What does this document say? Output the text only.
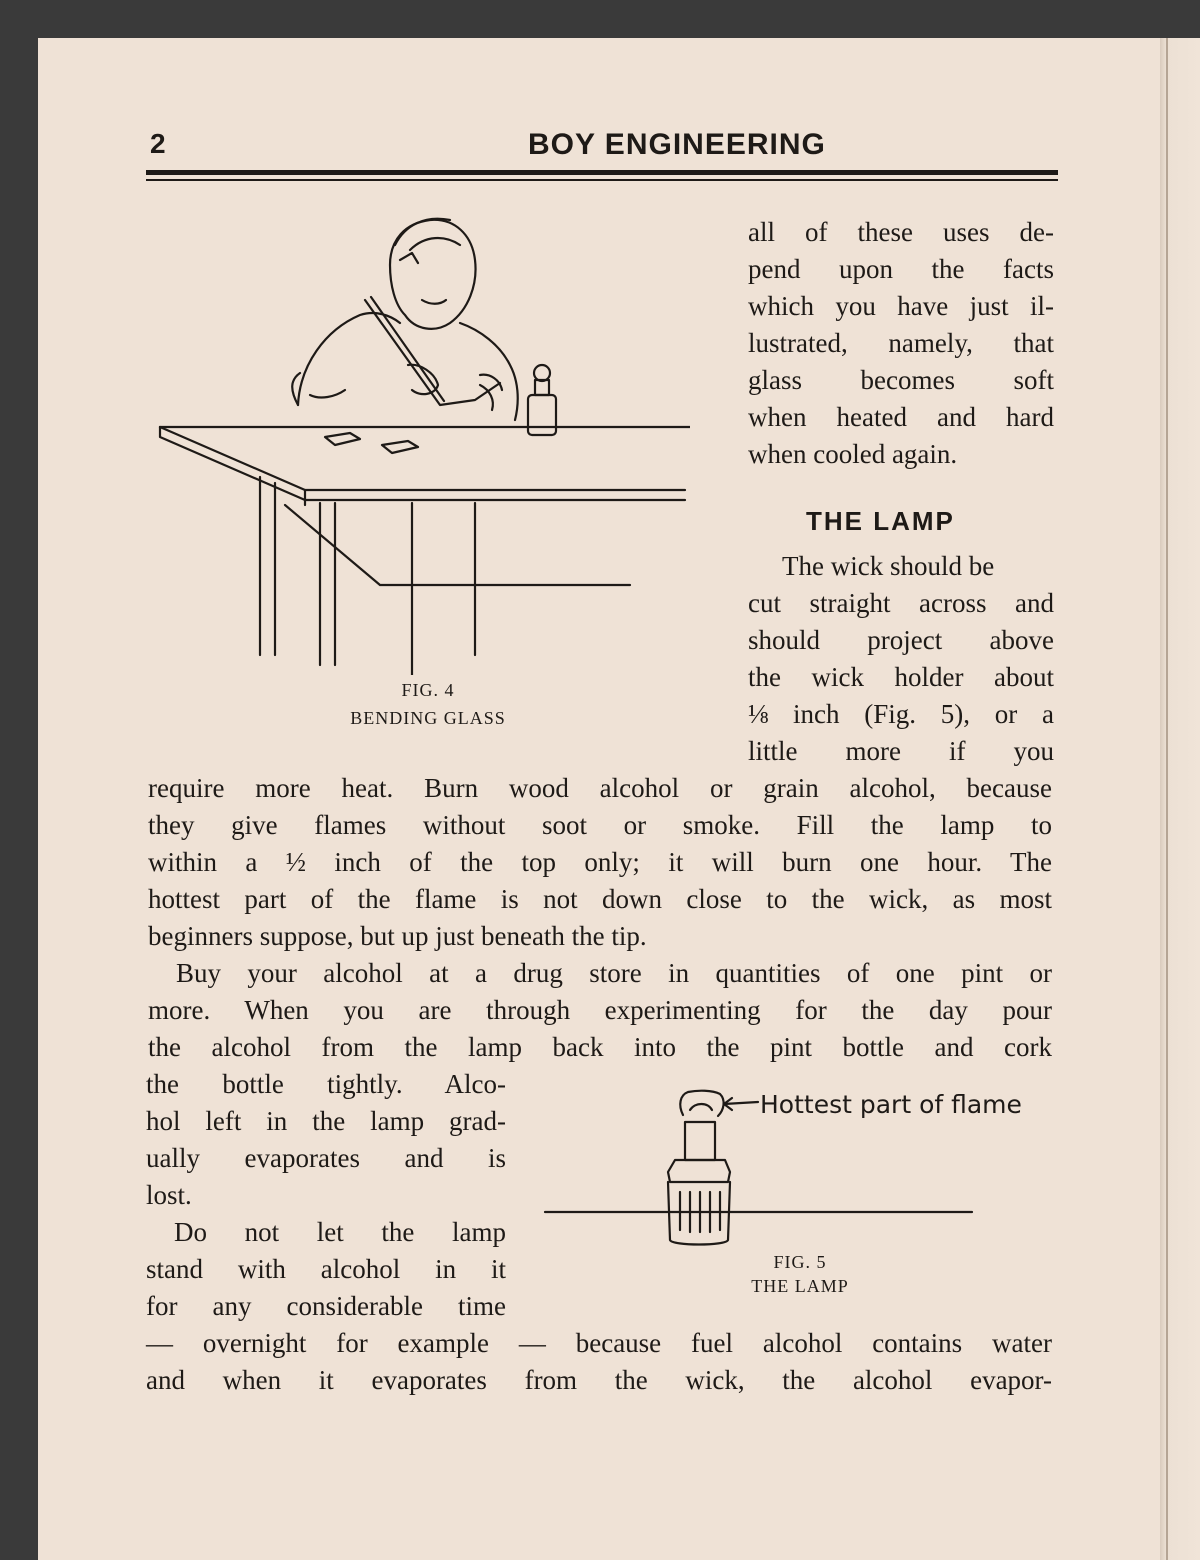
2	BOY ENGINEERING
FIG. 4
BENDING GLASS
all of these uses de-
pend upon the facts
which you have just il-
lustrated, namely, that
glass becomes soft
when heated and hard
when cooled again.
THE LAMP
The wick should be
cut straight across and
should project above
the wick holder about
⅛ inch (Fig. 5), or a
little more if you
require more heat. Burn wood alcohol or grain alcohol, because
they give flames without soot or smoke. Fill the lamp to
within a ½ inch of the top only; it will burn one hour. The
hottest part of the flame is not down close to the wick, as most
beginners suppose, but up just beneath the tip.
Buy your alcohol at a drug store in quantities of one pint or
more. When you are through experimenting for the day pour
the alcohol from the lamp back into the pint bottle and cork
the bottle tightly. Alco-
hol left in the lamp grad-
ually evaporates and is
lost.
Do not let the lamp
stand with alcohol in it
for any considerable time
Hottest part of flame
FIG. 5
THE LAMP
— overnight for example — because fuel alcohol contains water
and when it evaporates from the wick, the alcohol evapor-
